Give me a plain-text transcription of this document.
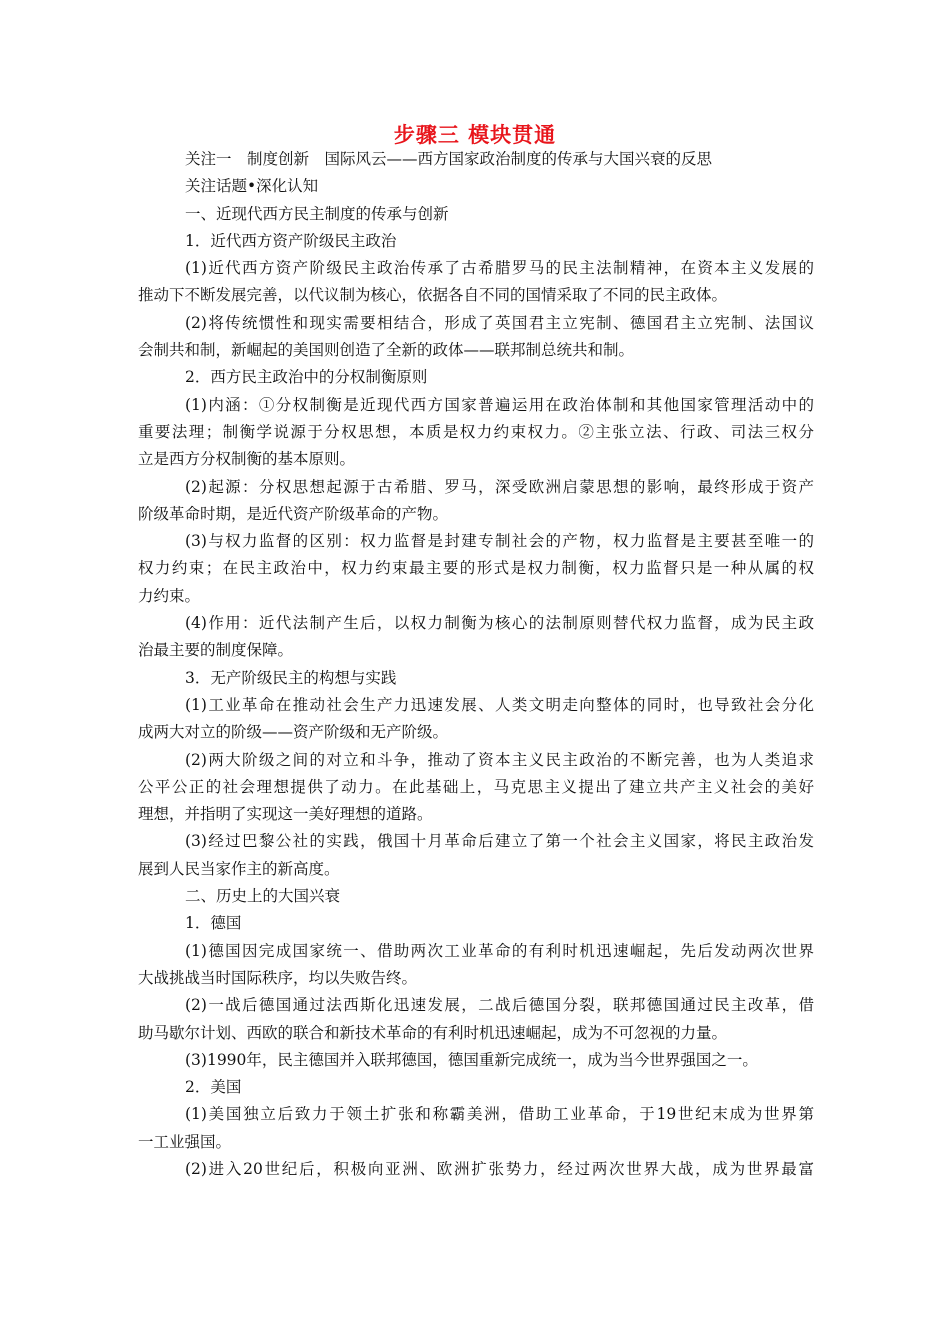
步骤三 模块贯通
关注一　制度创新　国际风云——西方国家政治制度的传承与大国兴衰的反思
关注话题•深化认知
一、近现代西方民主制度的传承与创新
1．近代西方资产阶级民主政治
(1)近代西方资产阶级民主政治传承了古希腊罗马的民主法制精神，在资本主义发展的
推动下不断发展完善，以代议制为核心，依据各自不同的国情采取了不同的民主政体。
(2)将传统惯性和现实需要相结合，形成了英国君主立宪制、德国君主立宪制、法国议
会制共和制，新崛起的美国则创造了全新的政体——联邦制总统共和制。
2．西方民主政治中的分权制衡原则
(1)内涵：①分权制衡是近现代西方国家普遍运用在政治体制和其他国家管理活动中的
重要法理；制衡学说源于分权思想，本质是权力约束权力。②主张立法、行政、司法三权分
立是西方分权制衡的基本原则。
(2)起源：分权思想起源于古希腊、罗马，深受欧洲启蒙思想的影响，最终形成于资产
阶级革命时期，是近代资产阶级革命的产物。
(3)与权力监督的区别：权力监督是封建专制社会的产物，权力监督是主要甚至唯一的
权力约束；在民主政治中，权力约束最主要的形式是权力制衡，权力监督只是一种从属的权
力约束。
(4)作用：近代法制产生后，以权力制衡为核心的法制原则替代权力监督，成为民主政
治最主要的制度保障。
3．无产阶级民主的构想与实践
(1)工业革命在推动社会生产力迅速发展、人类文明走向整体的同时，也导致社会分化
成两大对立的阶级——资产阶级和无产阶级。
(2)两大阶级之间的对立和斗争，推动了资本主义民主政治的不断完善，也为人类追求
公平公正的社会理想提供了动力。在此基础上，马克思主义提出了建立共产主义社会的美好
理想，并指明了实现这一美好理想的道路。
(3)经过巴黎公社的实践，俄国十月革命后建立了第一个社会主义国家，将民主政治发
展到人民当家作主的新高度。
二、历史上的大国兴衰
1．德国
(1)德国因完成国家统一、借助两次工业革命的有利时机迅速崛起，先后发动两次世界
大战挑战当时国际秩序，均以失败告终。
(2)一战后德国通过法西斯化迅速发展，二战后德国分裂，联邦德国通过民主改革，借
助马歇尔计划、西欧的联合和新技术革命的有利时机迅速崛起，成为不可忽视的力量。
(3)1990年，民主德国并入联邦德国，德国重新完成统一，成为当今世界强国之一。
2．美国
(1)美国独立后致力于领土扩张和称霸美洲，借助工业革命，于19世纪末成为世界第
一工业强国。
(2)进入20世纪后，积极向亚洲、欧洲扩张势力，经过两次世界大战，成为世界最富
